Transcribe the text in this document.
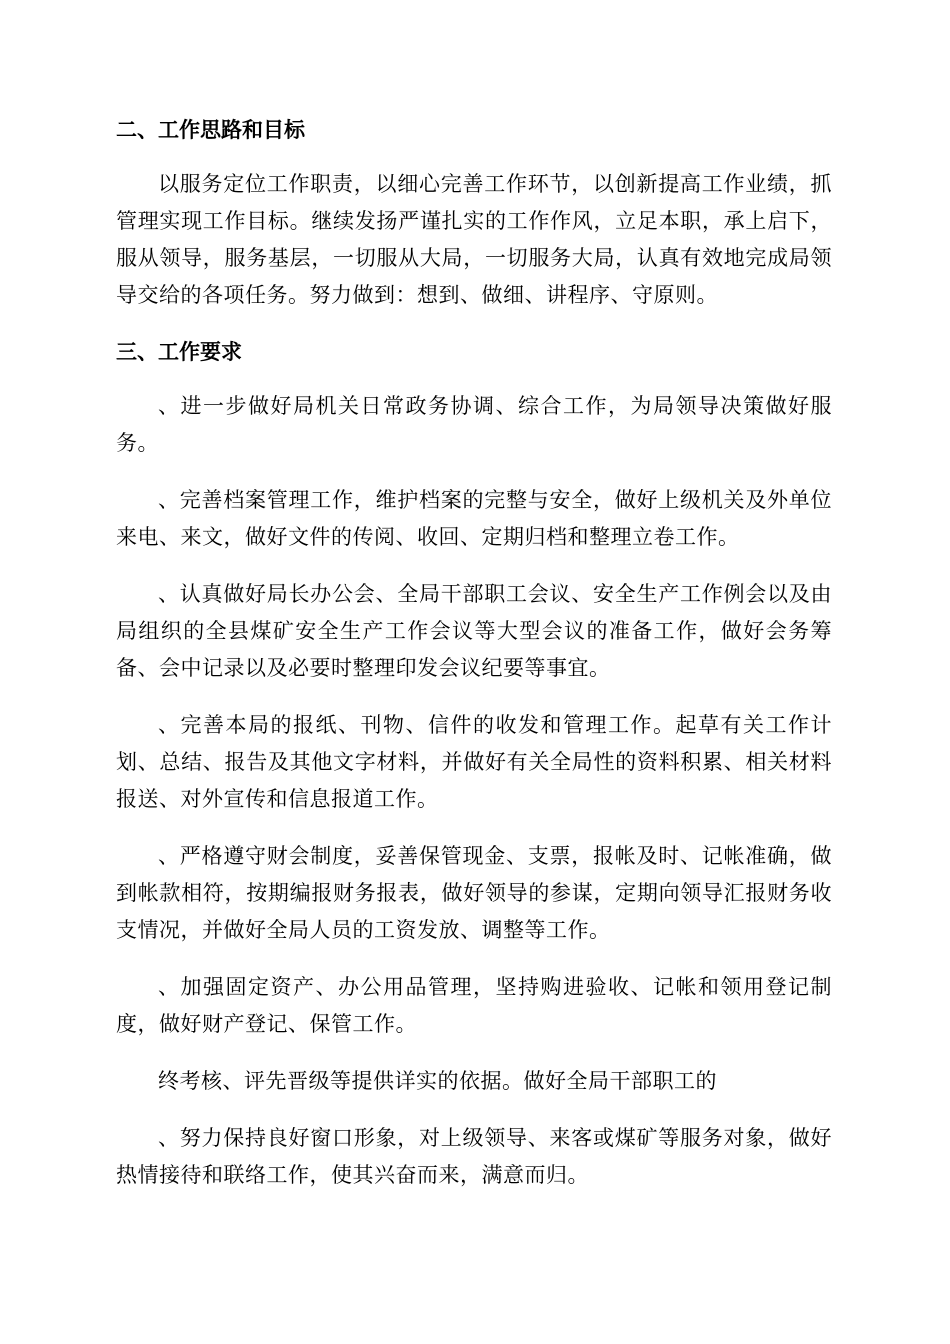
二、工作思路和目标

以服务定位工作职责，以细心完善工作环节，以创新提高工作业绩，抓管理实现工作目标。继续发扬严谨扎实的工作作风，立足本职，承上启下，服从领导，服务基层，一切服从大局，一切服务大局，认真有效地完成局领导交给的各项任务。努力做到：想到、做细、讲程序、守原则。

三、工作要求

、进一步做好局机关日常政务协调、综合工作，为局领导决策做好服务。

、完善档案管理工作，维护档案的完整与安全，做好上级机关及外单位来电、来文，做好文件的传阅、收回、定期归档和整理立卷工作。

、认真做好局长办公会、全局干部职工会议、安全生产工作例会以及由局组织的全县煤矿安全生产工作会议等大型会议的准备工作，做好会务筹备、会中记录以及必要时整理印发会议纪要等事宜。

、完善本局的报纸、刊物、信件的收发和管理工作。起草有关工作计划、总结、报告及其他文字材料，并做好有关全局性的资料积累、相关材料报送、对外宣传和信息报道工作。

、严格遵守财会制度，妥善保管现金、支票，报帐及时、记帐准确，做到帐款相符，按期编报财务报表，做好领导的参谋，定期向领导汇报财务收支情况，并做好全局人员的工资发放、调整等工作。

、加强固定资产、办公用品管理，坚持购进验收、记帐和领用登记制度，做好财产登记、保管工作。

终考核、评先晋级等提供详实的依据。做好全局干部职工的

、努力保持良好窗口形象，对上级领导、来客或煤矿等服务对象，做好热情接待和联络工作，使其兴奋而来，满意而归。
